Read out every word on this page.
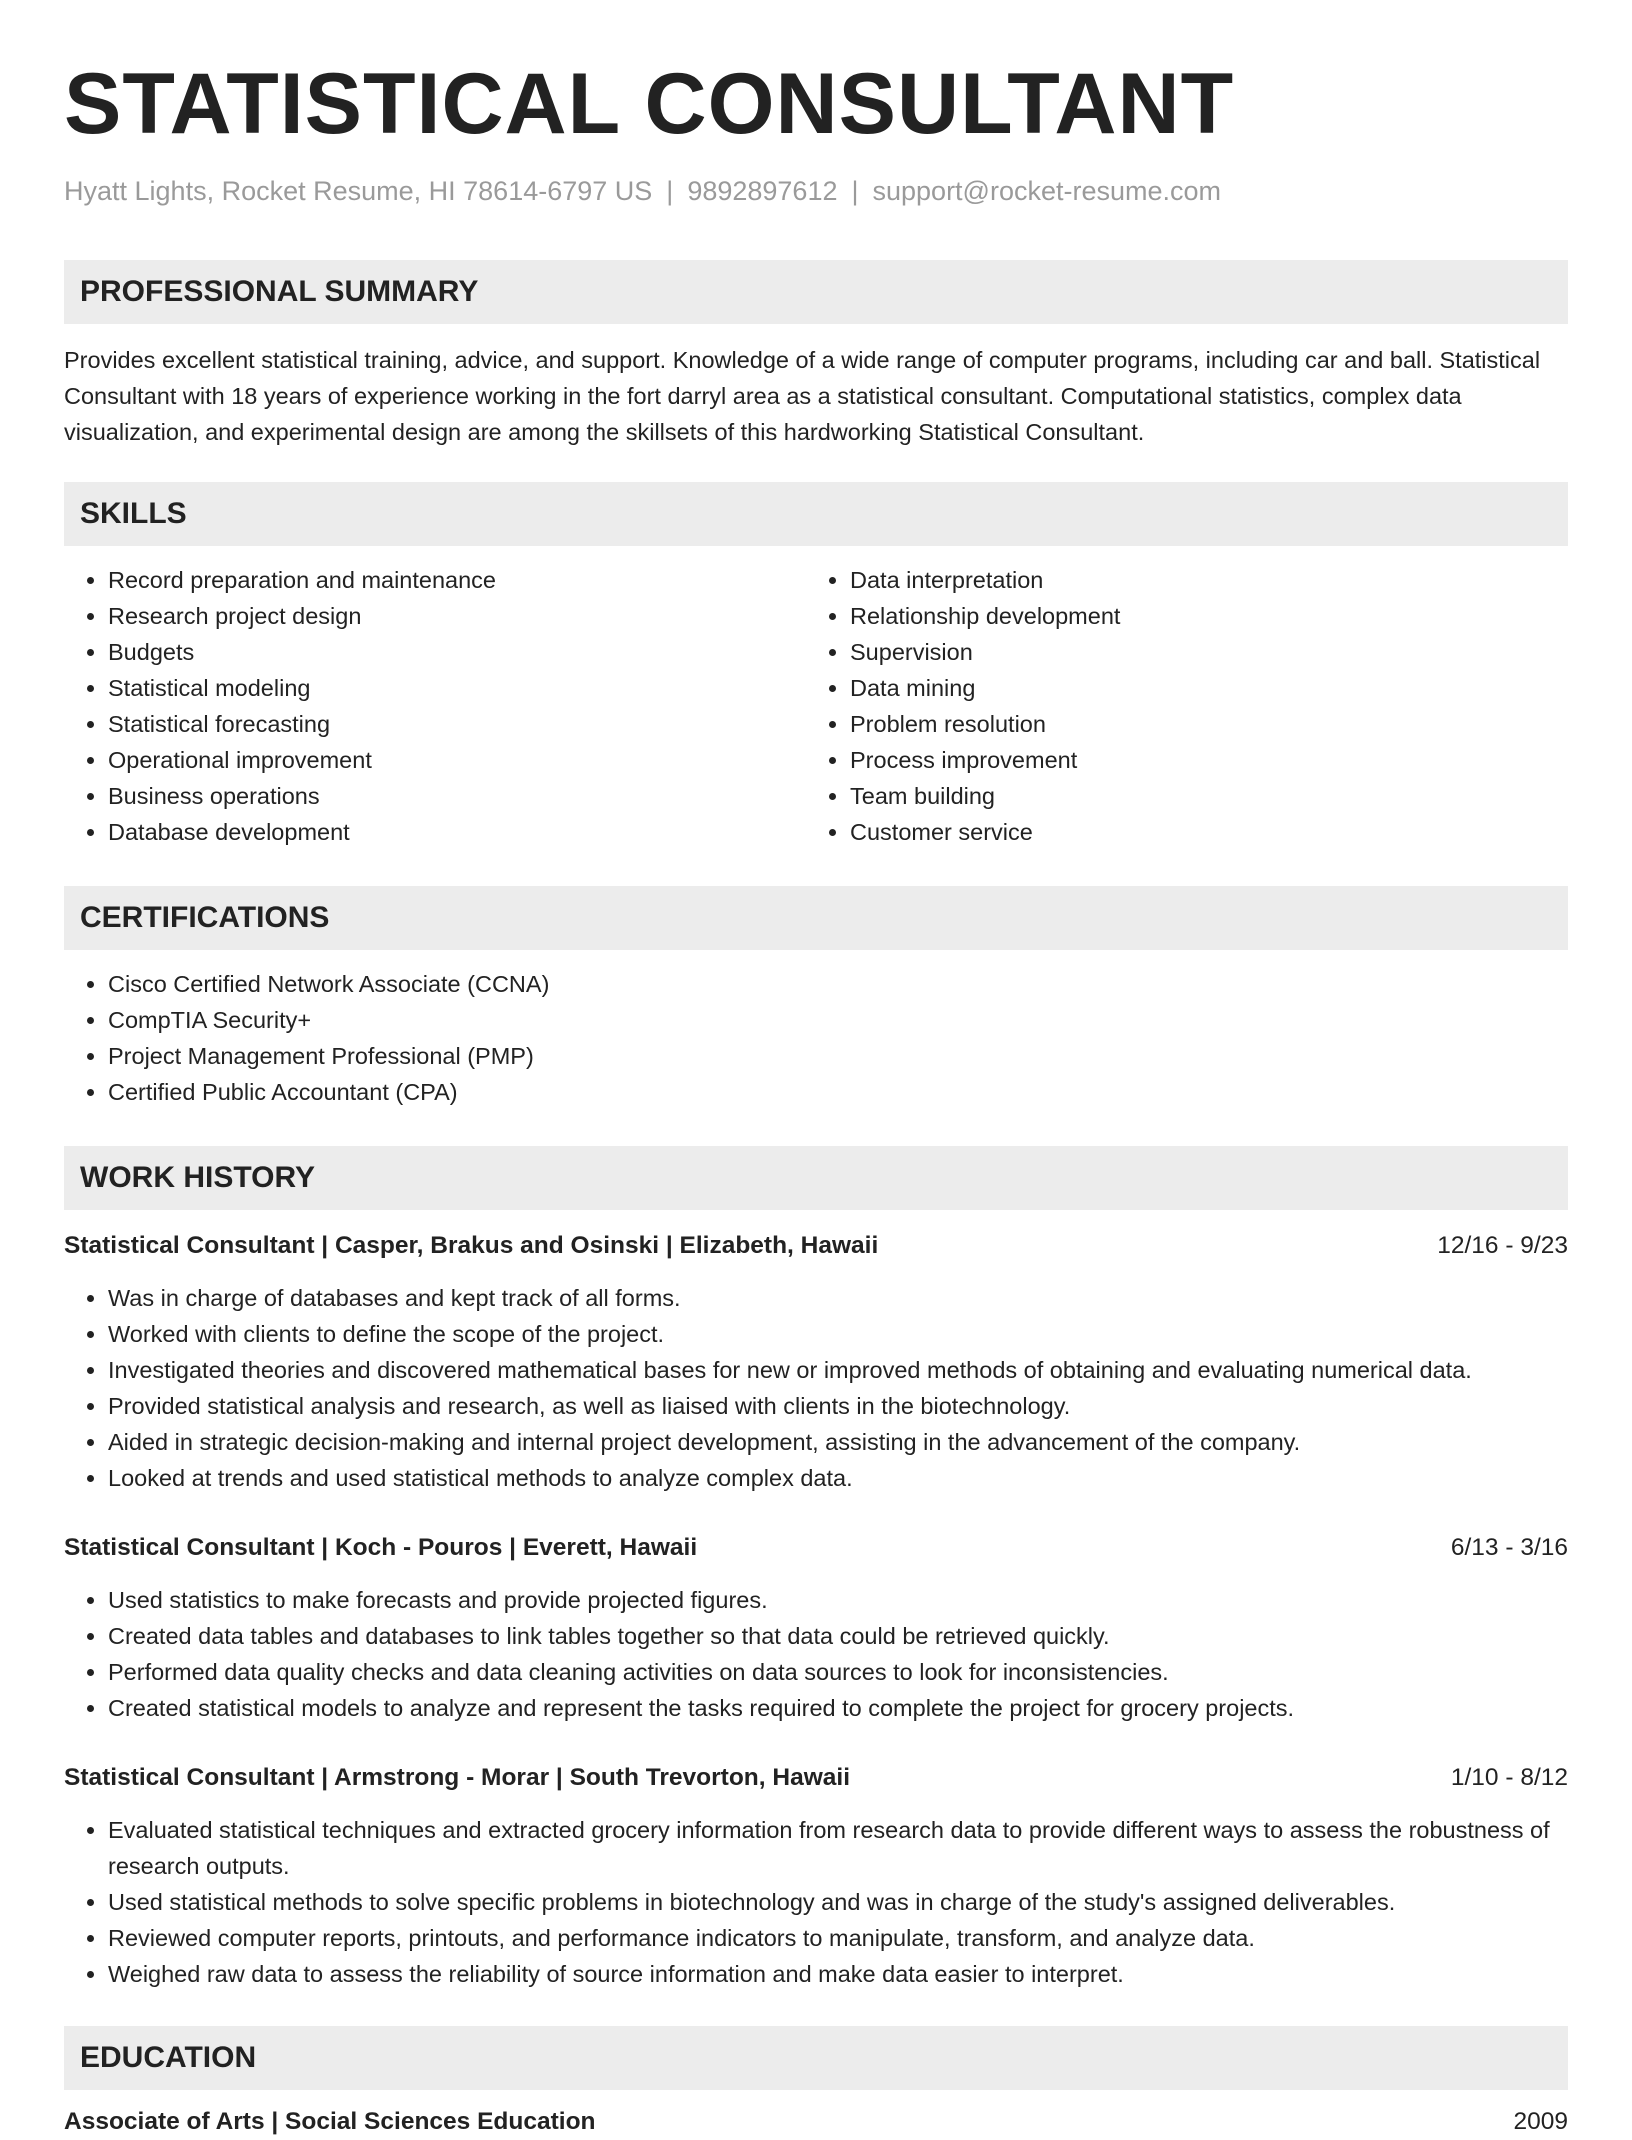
STATISTICAL CONSULTANT
Hyatt Lights, Rocket Resume, HI 78614-6797 US | 9892897612 | support@rocket-resume.com
PROFESSIONAL SUMMARY
Provides excellent statistical training, advice, and support. Knowledge of a wide range of computer programs, including car and ball. Statistical Consultant with 18 years of experience working in the fort darryl area as a statistical consultant. Computational statistics, complex data visualization, and experimental design are among the skillsets of this hardworking Statistical Consultant.
SKILLS
• Record preparation and maintenance
• Research project design
• Budgets
• Statistical modeling
• Statistical forecasting
• Operational improvement
• Business operations
• Database development
• Data interpretation
• Relationship development
• Supervision
• Data mining
• Problem resolution
• Process improvement
• Team building
• Customer service
CERTIFICATIONS
• Cisco Certified Network Associate (CCNA)
• CompTIA Security+
• Project Management Professional (PMP)
• Certified Public Accountant (CPA)
WORK HISTORY
Statistical Consultant | Casper, Brakus and Osinski | Elizabeth, Hawaii	12/16 - 9/23
• Was in charge of databases and kept track of all forms.
• Worked with clients to define the scope of the project.
• Investigated theories and discovered mathematical bases for new or improved methods of obtaining and evaluating numerical data.
• Provided statistical analysis and research, as well as liaised with clients in the biotechnology.
• Aided in strategic decision-making and internal project development, assisting in the advancement of the company.
• Looked at trends and used statistical methods to analyze complex data.
Statistical Consultant | Koch - Pouros | Everett, Hawaii	6/13 - 3/16
• Used statistics to make forecasts and provide projected figures.
• Created data tables and databases to link tables together so that data could be retrieved quickly.
• Performed data quality checks and data cleaning activities on data sources to look for inconsistencies.
• Created statistical models to analyze and represent the tasks required to complete the project for grocery projects.
Statistical Consultant | Armstrong - Morar | South Trevorton, Hawaii	1/10 - 8/12
• Evaluated statistical techniques and extracted grocery information from research data to provide different ways to assess the robustness of research outputs.
• Used statistical methods to solve specific problems in biotechnology and was in charge of the study's assigned deliverables.
• Reviewed computer reports, printouts, and performance indicators to manipulate, transform, and analyze data.
• Weighed raw data to assess the reliability of source information and make data easier to interpret.
EDUCATION
Associate of Arts | Social Sciences Education	2009
